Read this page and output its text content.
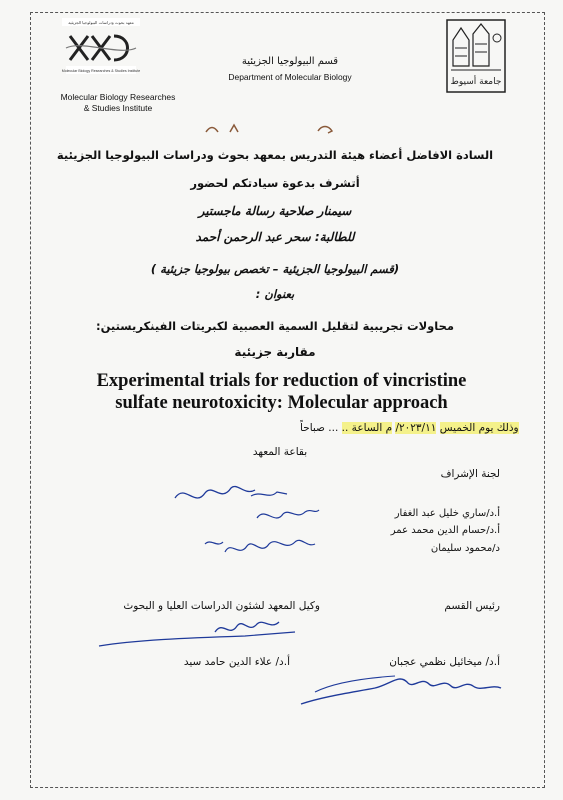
معهد بحوث ودراسات البيولوجيا الجزيئية
Molecular Biology Researches & Studies Institute
Molecular Biology Researches
& Studies Institute
جامعة أسيوط
قسم البيولوجيا الجزيئية
Department of Molecular Biology
السادة الافاضل أعضاء هيئة التدريس بمعهد بحوث ودراسات البيولوجيا الجزيئية
أتشرف بدعوة سيادتكم لحضور
سيمنار صلاحية رسالة ماجستير
للطالبة: سحر عبد الرحمن أحمد
(قسم البيولوجيا الجزيئية – تخصص بيولوجيا جزيئية )
بعنوان :
محاولات تجريبية لتقليل السمية العصبية لكبريتات الفينكريستين:
مقاربة جزيئية
Experimental trials for reduction of vincristine
sulfate neurotoxicity: Molecular approach
وذلك يوم الخميس ٢٠٢٣/١١/ م الساعة .. ... صباحاً
بقاعة المعهد
لجنة الإشراف
أ.د/ساري خليل عبد الغفار
أ.د/حسام الدين محمد عمر
د/محمود سليمان
رئيس القسم
وكيل المعهد لشئون الدراسات العليا و البحوث
أ.د/ ميخائيل نظمي عجبان
أ.د/ علاء الدين حامد سيد
